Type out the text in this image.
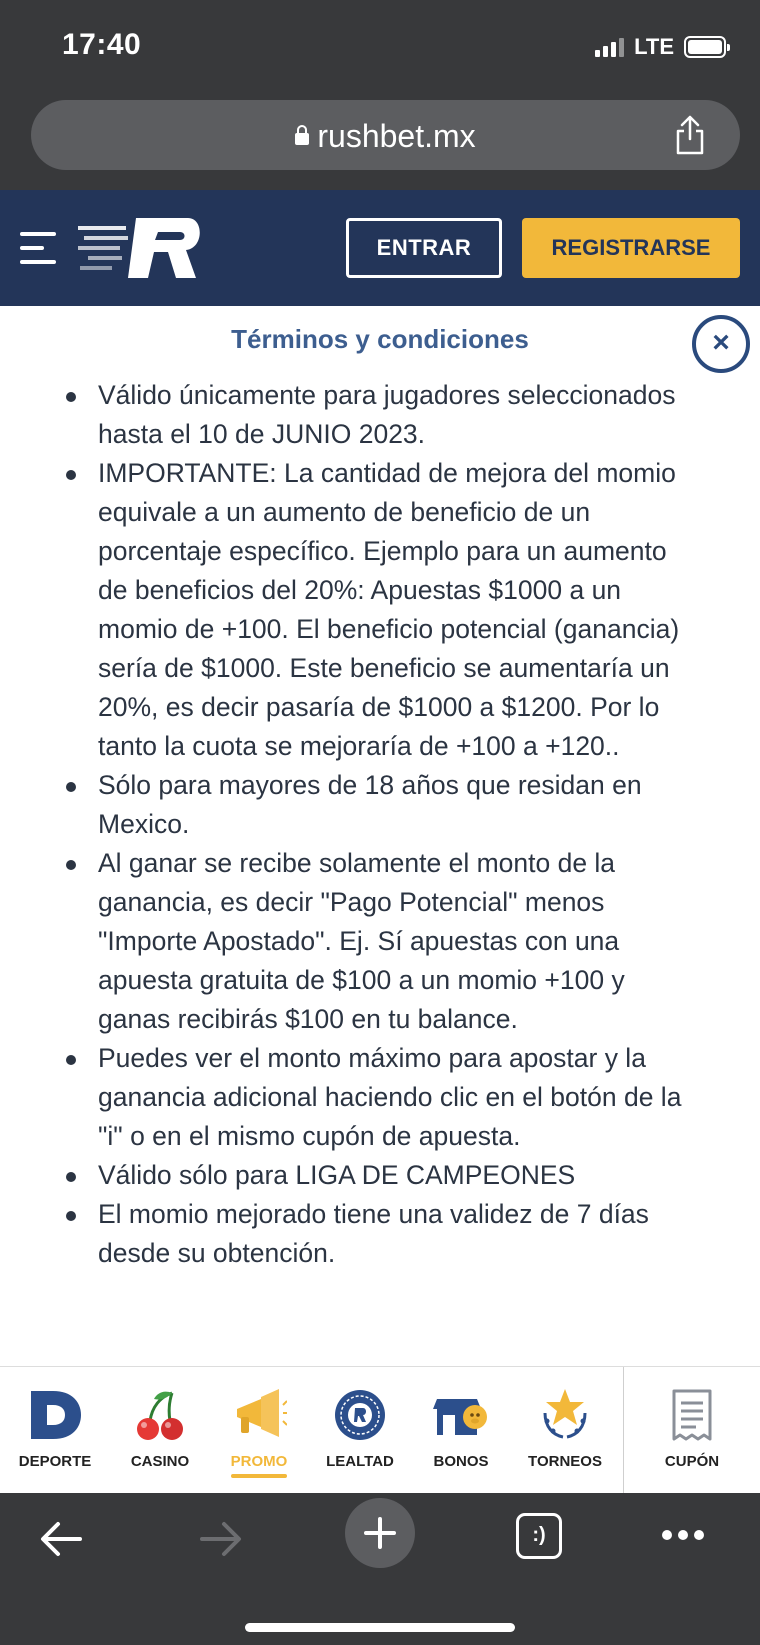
17:40	LTE
rushbet.mx
ENTRAR	REGISTRARSE
Términos y condiciones	×
Válido únicamente para jugadores seleccionados hasta el 10 de JUNIO 2023.
IMPORTANTE: La cantidad de mejora del momio equivale a un aumento de beneficio de un porcentaje específico. Ejemplo para un aumento de beneficios del 20%: Apuestas $1000 a un momio de +100. El beneficio potencial (ganancia) sería de $1000. Este beneficio se aumentaría un 20%, es decir pasaría de $1000 a $1200. Por lo tanto la cuota se mejoraría de +100 a +120..
Sólo para mayores de 18 años que residan en Mexico.
Al ganar se recibe solamente el monto de la ganancia, es decir "Pago Potencial" menos "Importe Apostado". Ej. Sí apuestas con una apuesta gratuita de $100 a un momio +100 y ganas recibirás $100 en tu balance.
Puedes ver el monto máximo para apostar y la ganancia adicional haciendo clic en el botón de la "i" o en el mismo cupón de apuesta.
Válido sólo para LIGA DE CAMPEONES
El momio mejorado tiene una validez de 7 días desde su obtención.
DEPORTE	CASINO	PROMO	LEALTAD	BONOS	TORNEOS	CUPÓN
:)
